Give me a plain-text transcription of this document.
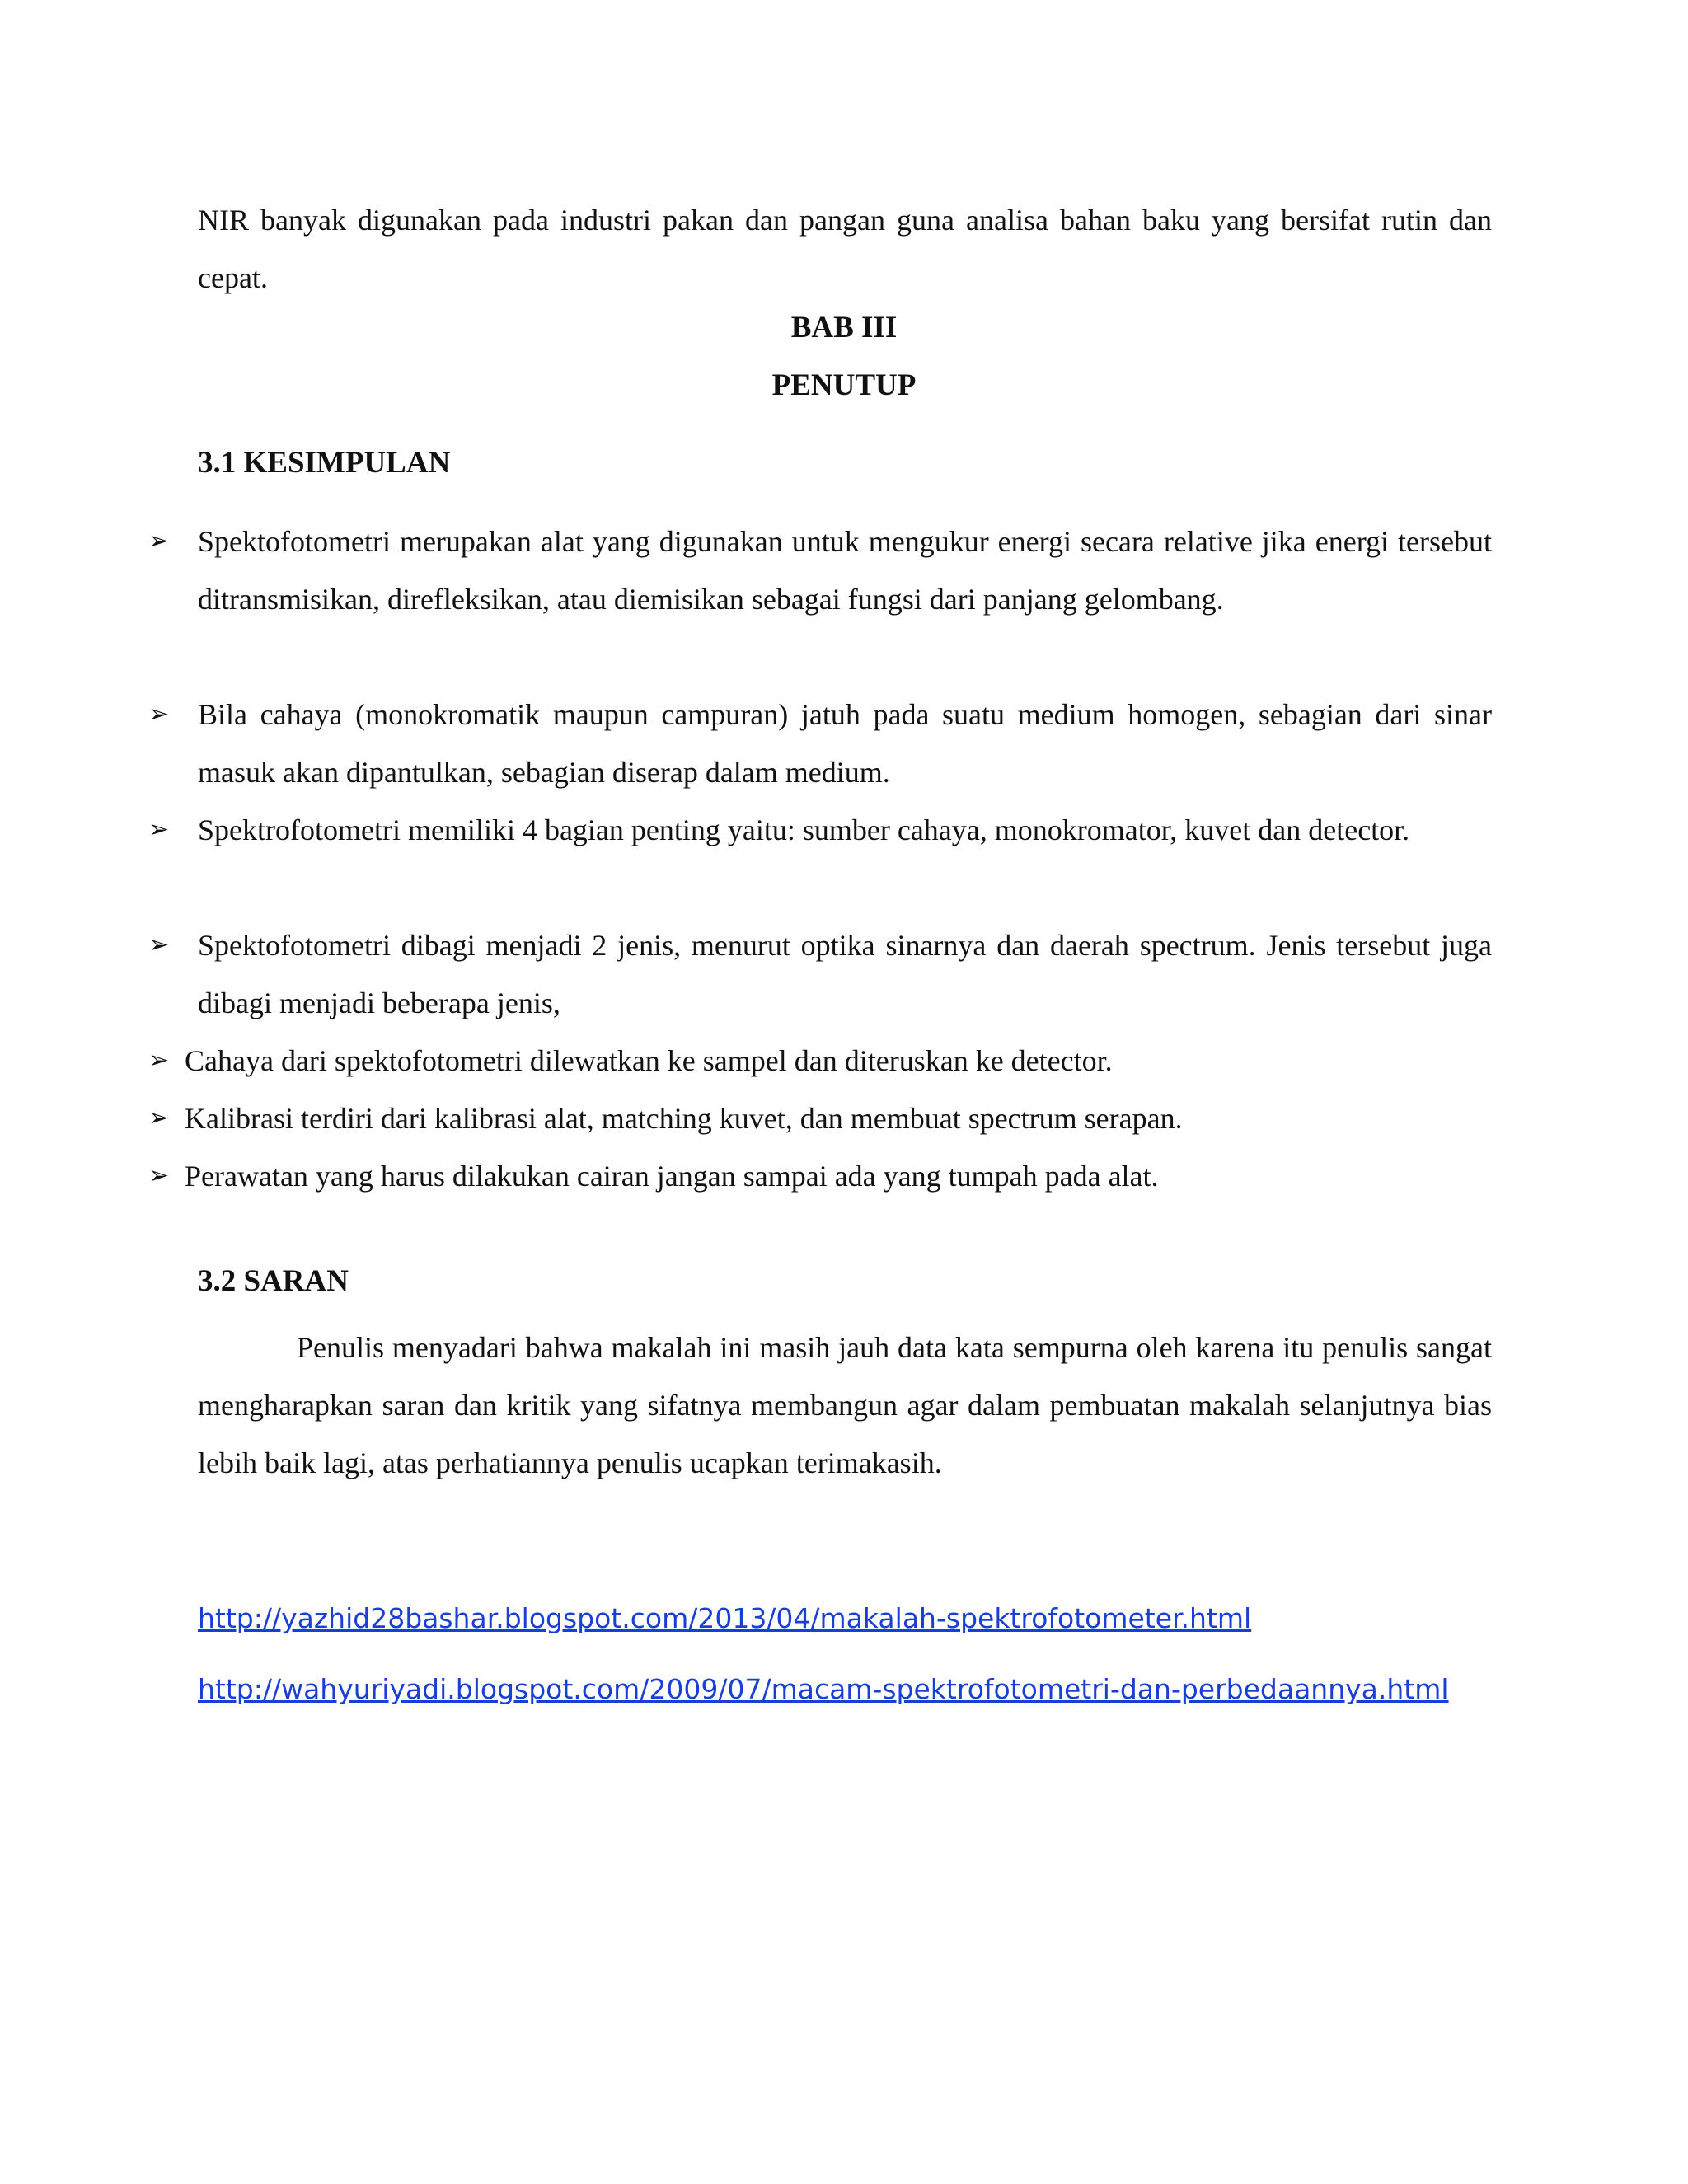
NIR banyak digunakan pada industri pakan dan pangan guna analisa bahan baku yang bersifat rutin dan cepat.

BAB III

PENUTUP

3.1 KESIMPULAN

➢ Spektofotometri merupakan alat yang digunakan untuk mengukur energi secara relative jika energi tersebut ditransmisikan, direfleksikan, atau diemisikan sebagai fungsi dari panjang gelombang.
➢ Bila cahaya (monokromatik maupun campuran) jatuh pada suatu medium homogen, sebagian dari sinar masuk akan dipantulkan, sebagian diserap dalam medium.
➢ Spektrofotometri memiliki 4 bagian penting yaitu: sumber cahaya, monokromator, kuvet dan detector.
➢ Spektofotometri dibagi menjadi 2 jenis, menurut optika sinarnya dan daerah spectrum. Jenis tersebut juga dibagi menjadi beberapa jenis,
➢ Cahaya dari spektofotometri dilewatkan ke sampel dan diteruskan ke detector.
➢ Kalibrasi terdiri dari kalibrasi alat, matching kuvet, dan membuat spectrum serapan.
➢ Perawatan yang harus dilakukan cairan jangan sampai ada yang tumpah pada alat.

3.2 SARAN

Penulis menyadari bahwa makalah ini masih jauh data kata sempurna oleh karena itu penulis sangat mengharapkan saran dan kritik yang sifatnya membangun agar dalam pembuatan makalah selanjutnya bias lebih baik lagi, atas perhatiannya penulis ucapkan terimakasih.

http://yazhid28bashar.blogspot.com/2013/04/makalah-spektrofotometer.html
http://wahyuriyadi.blogspot.com/2009/07/macam-spektrofotometri-dan-perbedaannya.html
